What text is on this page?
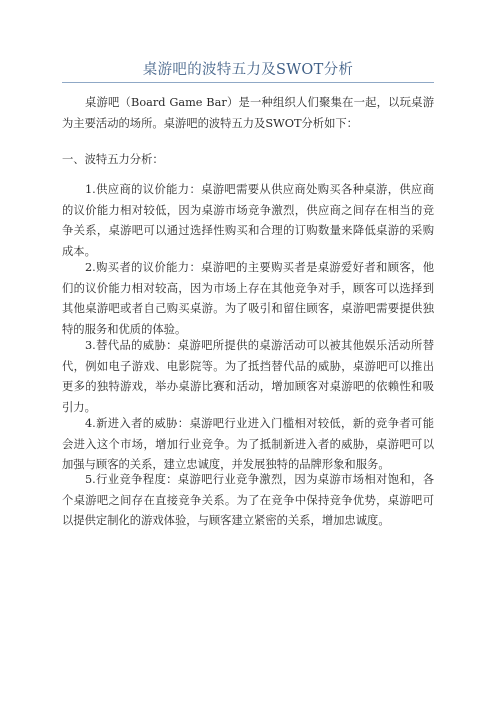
桌游吧的波特五力及SWOT分析

桌游吧（Board Game Bar）是一种组织人们聚集在一起，以玩桌游为主要活动的场所。桌游吧的波特五力及SWOT分析如下：

一、波特五力分析：

1.供应商的议价能力：桌游吧需要从供应商处购买各种桌游，供应商的议价能力相对较低，因为桌游市场竞争激烈，供应商之间存在相当的竞争关系，桌游吧可以通过选择性购买和合理的订购数量来降低桌游的采购成本。

2.购买者的议价能力：桌游吧的主要购买者是桌游爱好者和顾客，他们的议价能力相对较高，因为市场上存在其他竞争对手，顾客可以选择到其他桌游吧或者自己购买桌游。为了吸引和留住顾客，桌游吧需要提供独特的服务和优质的体验。

3.替代品的威胁：桌游吧所提供的桌游活动可以被其他娱乐活动所替代，例如电子游戏、电影院等。为了抵挡替代品的威胁，桌游吧可以推出更多的独特游戏，举办桌游比赛和活动，增加顾客对桌游吧的依赖性和吸引力。

4.新进入者的威胁：桌游吧行业进入门槛相对较低，新的竞争者可能会进入这个市场，增加行业竞争。为了抵制新进入者的威胁，桌游吧可以加强与顾客的关系，建立忠诚度，并发展独特的品牌形象和服务。

5.行业竞争程度：桌游吧行业竞争激烈，因为桌游市场相对饱和，各个桌游吧之间存在直接竞争关系。为了在竞争中保持竞争优势，桌游吧可以提供定制化的游戏体验，与顾客建立紧密的关系，增加忠诚度。
